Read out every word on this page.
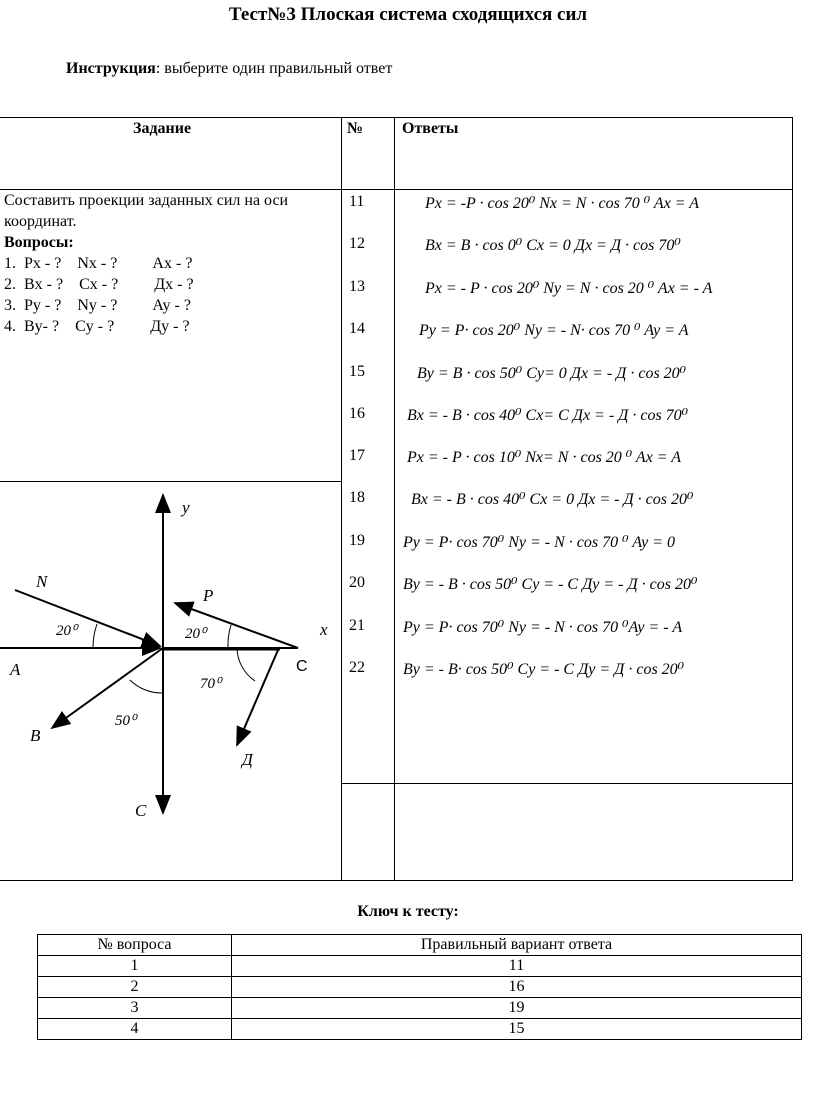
Тест№3 Плоская система сходящихся сил
Инструкция: выберите один правильный ответ
Задание	№ Ответы
Составить проекции заданных сил на оси координат.
Вопросы:
1.  Px - ?    Nx - ?         Ax - ?
2.  Bx - ?    Cx - ?         Дx - ?
3.  Py - ?    Ny - ?         Ay - ?
4.  By- ?    Cy - ?         Дy - ?
11	Px = -P · cos 20⁰ Nx = N · cos 70 ⁰ Ax = A
12	Bx = B · cos 0⁰ Cx = 0 Дx = Д · cos 70⁰
13	Px = - P · cos 20⁰ Ny = N · cos 20 ⁰ Ax = - A
14	Py = P· cos 20⁰ Ny = - N· cos 70 ⁰ Ay = A
15	By = B · cos 50⁰ Cy= 0 Дx = - Д · cos 20⁰
16	Bx = - B · cos 40⁰ Cx= C Дx = - Д · cos 70⁰
17	Px = - P · cos 10⁰ Nx= N · cos 20 ⁰ Ax = A
18	Bx = - B · cos 40⁰ Cx = 0 Дx = - Д · cos 20⁰
19 Py = P· cos 70⁰ Ny = - N · cos 70 ⁰ Ay = 0
20 By = - B · cos 50⁰ Cy = - C Дy = - Д · cos 20⁰
21 Py = P· cos 70⁰ Ny = - N · cos 70 ⁰Ay = - A
22 By = - B· cos 50⁰ Cy = - C Дy = Д · cos 20⁰
y
x
N
A
B
C
P
Д
20⁰	20⁰
70⁰
50⁰
C
Ключ к тесту:
№ вопроса	Правильный вариант ответа
1	11
2	16
3	19
4	15
